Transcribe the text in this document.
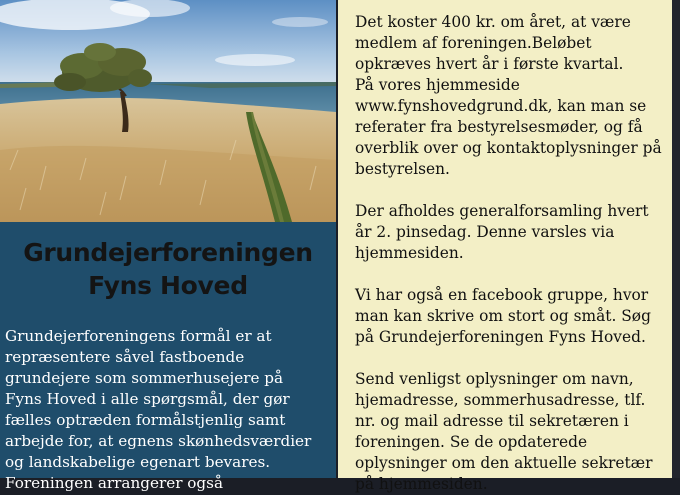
Grundejerforeningen
Fyns Hoved
Grundejerforeningens formål er at
repræsentere såvel fastboende
grundejere som sommerhusejere på
Fyns Hoved i alle spørgsmål, der gør
fælles optræden formålstjenlig samt
arbejde for, at egnens skønhedsværdier
og landskabelige egenart bevares.
Foreningen arrangerer også
Det koster 400 kr. om året, at være
medlem af foreningen.Beløbet
opkræves hvert år i første kvartal.
På vores hjemmeside
www.fynshovedgrund.dk, kan man se
referater fra bestyrelsesmøder, og få
overblik over og kontaktoplysninger på
bestyrelsen.
Der afholdes generalforsamling hvert
år 2. pinsedag. Denne varsles via
hjemmesiden.
Vi har også en facebook gruppe, hvor
man kan skrive om stort og småt. Søg
på Grundejerforeningen Fyns Hoved.
Send venligst oplysninger om navn,
hjemadresse, sommerhusadresse, tlf.
nr. og mail adresse til sekretæren i
foreningen. Se de opdaterede
oplysninger om den aktuelle sekretær
på hjemmesiden.
